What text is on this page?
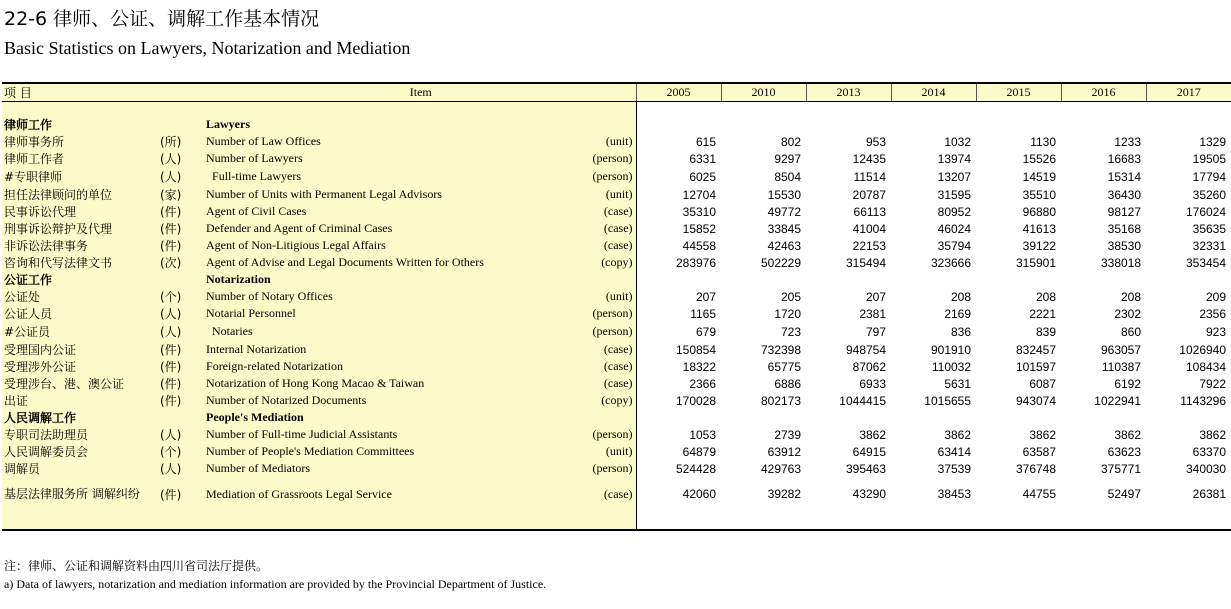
22-6 律师、公证、调解工作基本情况
Basic Statistics on Lawyers, Notarization and Mediation
项 目		Item		2005	2010	2013	2014	2015	2016	2017

律师工作		Lawyers								
律师事务所	(所)	Number of Law Offices	(unit)	615	802	953	1032	1130	1233	1329
律师工作者	(人)	Number of Lawyers	(person)	6331	9297	12435	13974	15526	16683	19505
#专职律师	(人)	Full-time Lawyers	(person)	6025	8504	11514	13207	14519	15314	17794
担任法律顾问的单位	(家)	Number of Units with Permanent Legal Advisors	(unit)	12704	15530	20787	31595	35510	36430	35260
民事诉讼代理	(件)	Agent of Civil Cases	(case)	35310	49772	66113	80952	96880	98127	176024
刑事诉讼辩护及代理	(件)	Defender and Agent of Criminal Cases	(case)	15852	33845	41004	46024	41613	35168	35635
非诉讼法律事务	(件)	Agent of Non-Litigious Legal Affairs	(case)	44558	42463	22153	35794	39122	38530	32331
咨询和代写法律文书	(次)	Agent of Advise and Legal Documents Written for Others	(copy)	283976	502229	315494	323666	315901	338018	353454
公证工作		Notarization								
公证处	(个)	Number of Notary Offices	(unit)	207	205	207	208	208	208	209
公证人员	(人)	Notarial Personnel	(person)	1165	1720	2381	2169	2221	2302	2356
#公证员	(人)	Notaries	(person)	679	723	797	836	839	860	923
受理国内公证	(件)	Internal Notarization	(case)	150854	732398	948754	901910	832457	963057	1026940
受理涉外公证	(件)	Foreign-related Notarization	(case)	18322	65775	87062	110032	101597	110387	108434
受理涉台、港、澳公证	(件)	Notarization of Hong Kong Macao & Taiwan	(case)	2366	6886	6933	5631	6087	6192	7922
出证	(件)	Number of Notarized Documents	(copy)	170028	802173	1044415	1015655	943074	1022941	1143296
人民调解工作		People's Mediation								
专职司法助理员	(人)	Number of Full-time Judicial Assistants	(person)	1053	2739	3862	3862	3862	3862	3862
人民调解委员会	(个)	Number of People's Mediation Committees	(unit)	64879	63912	64915	63414	63587	63623	63370
调解员	(人)	Number of Mediators	(person)	524428	429763	395463	37539	376748	375771	340030
基层法律服务所 调解纠纷	(件)	Mediation of Grassroots Legal Service	(case)	42060	39282	43290	38453	44755	52497	26381

注：律师、公证和调解资料由四川省司法厅提供。
a) Data of lawyers, notarization and mediation information are provided by the Provincial Department of Justice.
